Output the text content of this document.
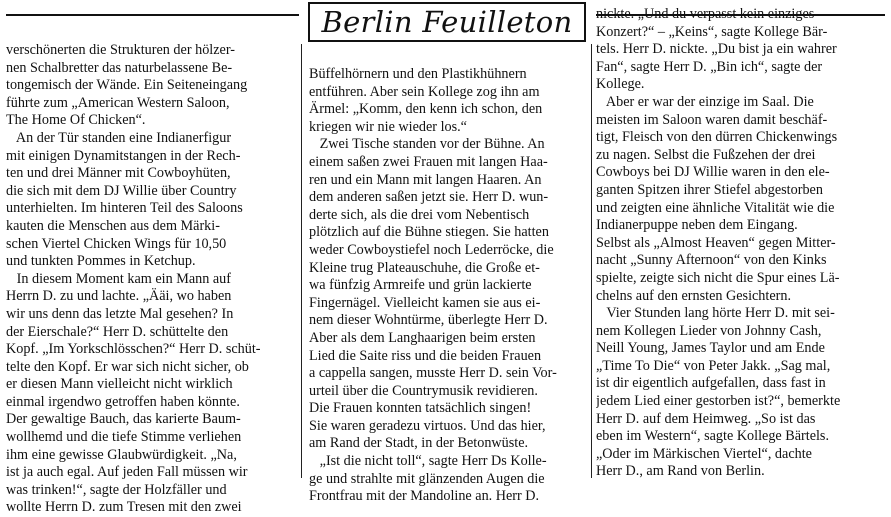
Berlin Feuilleton
verschönerten die Strukturen der hölzer-
nen Schalbretter das naturbelassene Be-
tongemisch der Wände. Ein Seiteneingang
führte zum „American Western Saloon,
The Home Of Chicken“.
An der Tür standen eine Indianerfigur
mit einigen Dynamitstangen in der Rech-
ten und drei Männer mit Cowboyhüten,
die sich mit dem DJ Willie über Country
unterhielten. Im hinteren Teil des Saloons
kauten die Menschen aus dem Märki-
schen Viertel Chicken Wings für 10,50
und tunkten Pommes in Ketchup.
In diesem Moment kam ein Mann auf
Herrn D. zu und lachte. „Ääi, wo haben
wir uns denn das letzte Mal gesehen? In
der Eierschale?“ Herr D. schüttelte den
Kopf. „Im Yorkschlösschen?“ Herr D. schüt-
telte den Kopf. Er war sich nicht sicher, ob
er diesen Mann vielleicht nicht wirklich
einmal irgendwo getroffen haben könnte.
Der gewaltige Bauch, das karierte Baum-
wollhemd und die tiefe Stimme verliehen
ihm eine gewisse Glaubwürdigkeit. „Na,
ist ja auch egal. Auf jeden Fall müssen wir
was trinken!“, sagte der Holzfäller und
wollte Herrn D. zum Tresen mit den zwei
Büffelhörnern und den Plastikhühnern
entführen. Aber sein Kollege zog ihn am
Ärmel: „Komm, den kenn ich schon, den
kriegen wir nie wieder los.“
Zwei Tische standen vor der Bühne. An
einem saßen zwei Frauen mit langen Haa-
ren und ein Mann mit langen Haaren. An
dem anderen saßen jetzt sie. Herr D. wun-
derte sich, als die drei vom Nebentisch
plötzlich auf die Bühne stiegen. Sie hatten
weder Cowboystiefel noch Lederröcke, die
Kleine trug Plateauschuhe, die Große et-
wa fünfzig Armreife und grün lackierte
Fingernägel. Vielleicht kamen sie aus ei-
nem dieser Wohntürme, überlegte Herr D.
Aber als dem Langhaarigen beim ersten
Lied die Saite riss und die beiden Frauen
a cappella sangen, musste Herr D. sein Vor-
urteil über die Countrymusik revidieren.
Die Frauen konnten tatsächlich singen!
Sie waren geradezu virtuos. Und das hier,
am Rand der Stadt, in der Betonwüste.
„Ist die nicht toll“, sagte Herr Ds Kolle-
ge und strahlte mit glänzenden Augen die
Frontfrau mit der Mandoline an. Herr D.
nickte. „Und du verpasst kein einziges
Konzert?“ – „Keins“, sagte Kollege Bär-
tels. Herr D. nickte. „Du bist ja ein wahrer
Fan“, sagte Herr D. „Bin ich“, sagte der
Kollege.
Aber er war der einzige im Saal. Die
meisten im Saloon waren damit beschäf-
tigt, Fleisch von den dürren Chickenwings
zu nagen. Selbst die Fußzehen der drei
Cowboys bei DJ Willie waren in den ele-
ganten Spitzen ihrer Stiefel abgestorben
und zeigten eine ähnliche Vitalität wie die
Indianerpuppe neben dem Eingang.
Selbst als „Almost Heaven“ gegen Mitter-
nacht „Sunny Afternoon“ von den Kinks
spielte, zeigte sich nicht die Spur eines Lä-
chelns auf den ernsten Gesichtern.
Vier Stunden lang hörte Herr D. mit sei-
nem Kollegen Lieder von Johnny Cash,
Neill Young, James Taylor und am Ende
„Time To Die“ von Peter Jakk. „Sag mal,
ist dir eigentlich aufgefallen, dass fast in
jedem Lied einer gestorben ist?“, bemerkte
Herr D. auf dem Heimweg. „So ist das
eben im Western“, sagte Kollege Bärtels.
„Oder im Märkischen Viertel“, dachte
Herr D., am Rand von Berlin.
